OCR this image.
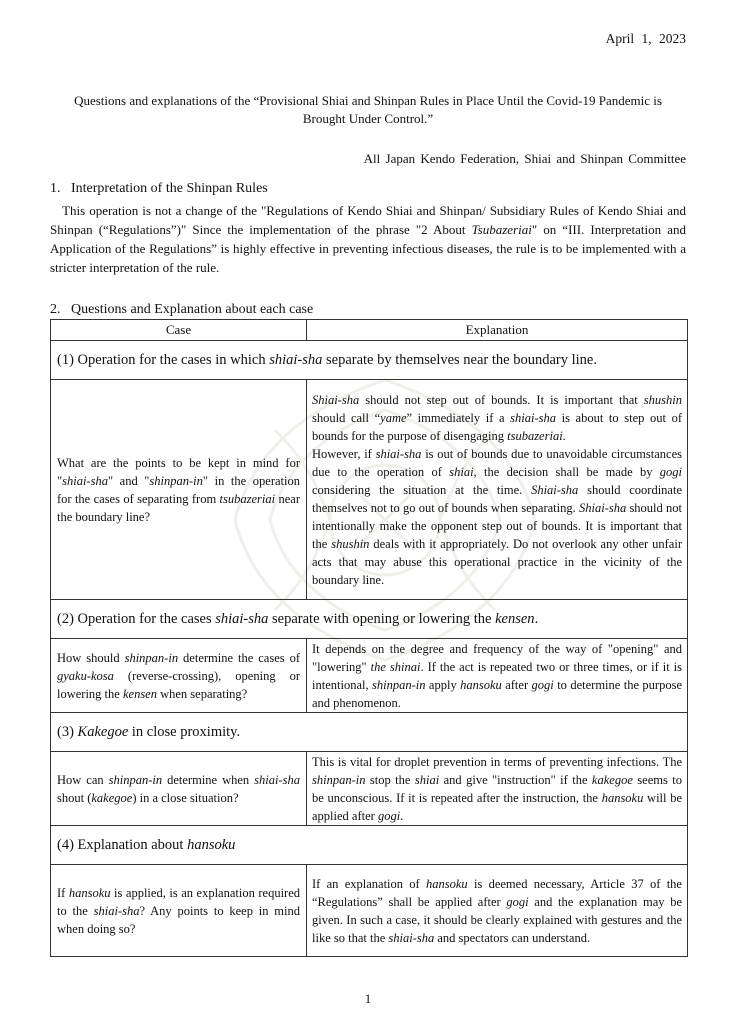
April 1, 2023
Questions and explanations of the “Provisional Shiai and Shinpan Rules in Place Until the Covid-19 Pandemic is Brought Under Control.”
All Japan Kendo Federation, Shiai and Shinpan Committee
1.   Interpretation of the Shinpan Rules
This operation is not a change of the "Regulations of Kendo Shiai and Shinpan/ Subsidiary Rules of Kendo Shiai and Shinpan (“Regulations”)" Since the implementation of the phrase "2 About Tsubazeriai" on “III. Interpretation and Application of the Regulations” is highly effective in preventing infectious diseases, the rule is to be implemented with a stricter interpretation of the rule.
2.   Questions and Explanation about each case
Case	Explanation
(1) Operation for the cases in which shiai-sha separate by themselves near the boundary line.	
What are the points to be kept in mind for "shiai-sha" and "shinpan-in" in the operation for the cases of separating from tsubazeriai near the boundary line?	Shiai-sha should not step out of bounds. It is important that shushin should call “yame” immediately if a shiai-sha is about to step out of bounds for the purpose of disengaging tsubazeriai.
However, if shiai-sha is out of bounds due to unavoidable circumstances due to the operation of shiai, the decision shall be made by gogi considering the situation at the time. Shiai-sha should coordinate themselves not to go out of bounds when separating. Shiai-sha should not intentionally make the opponent step out of bounds. It is important that the shushin deals with it appropriately. Do not overlook any other unfair acts that may abuse this operational practice in the vicinity of the boundary line.
(2) Operation for the cases shiai-sha separate with opening or lowering the kensen.	
How should shinpan-in determine the cases of gyaku-kosa (reverse-crossing), opening or lowering the kensen when separating?	It depends on the degree and frequency of the way of "opening" and "lowering" the shinai. If the act is repeated two or three times, or if it is intentional, shinpan-in apply hansoku after gogi to determine the purpose and phenomenon.
(3) Kakegoe in close proximity.	
How can shinpan-in determine when shiai-sha shout (kakegoe) in a close situation?	This is vital for droplet prevention in terms of preventing infections. The shinpan-in stop the shiai and give "instruction" if the kakegoe seems to be unconscious. If it is repeated after the instruction, the hansoku will be applied after gogi.
(4) Explanation about hansoku	
If hansoku is applied, is an explanation required to the shiai-sha? Any points to keep in mind when doing so?	If an explanation of hansoku is deemed necessary, Article 37 of the “Regulations” shall be applied after gogi and the explanation may be given. In such a case, it should be clearly explained with gestures and the like so that the shiai-sha and spectators can understand.
1
